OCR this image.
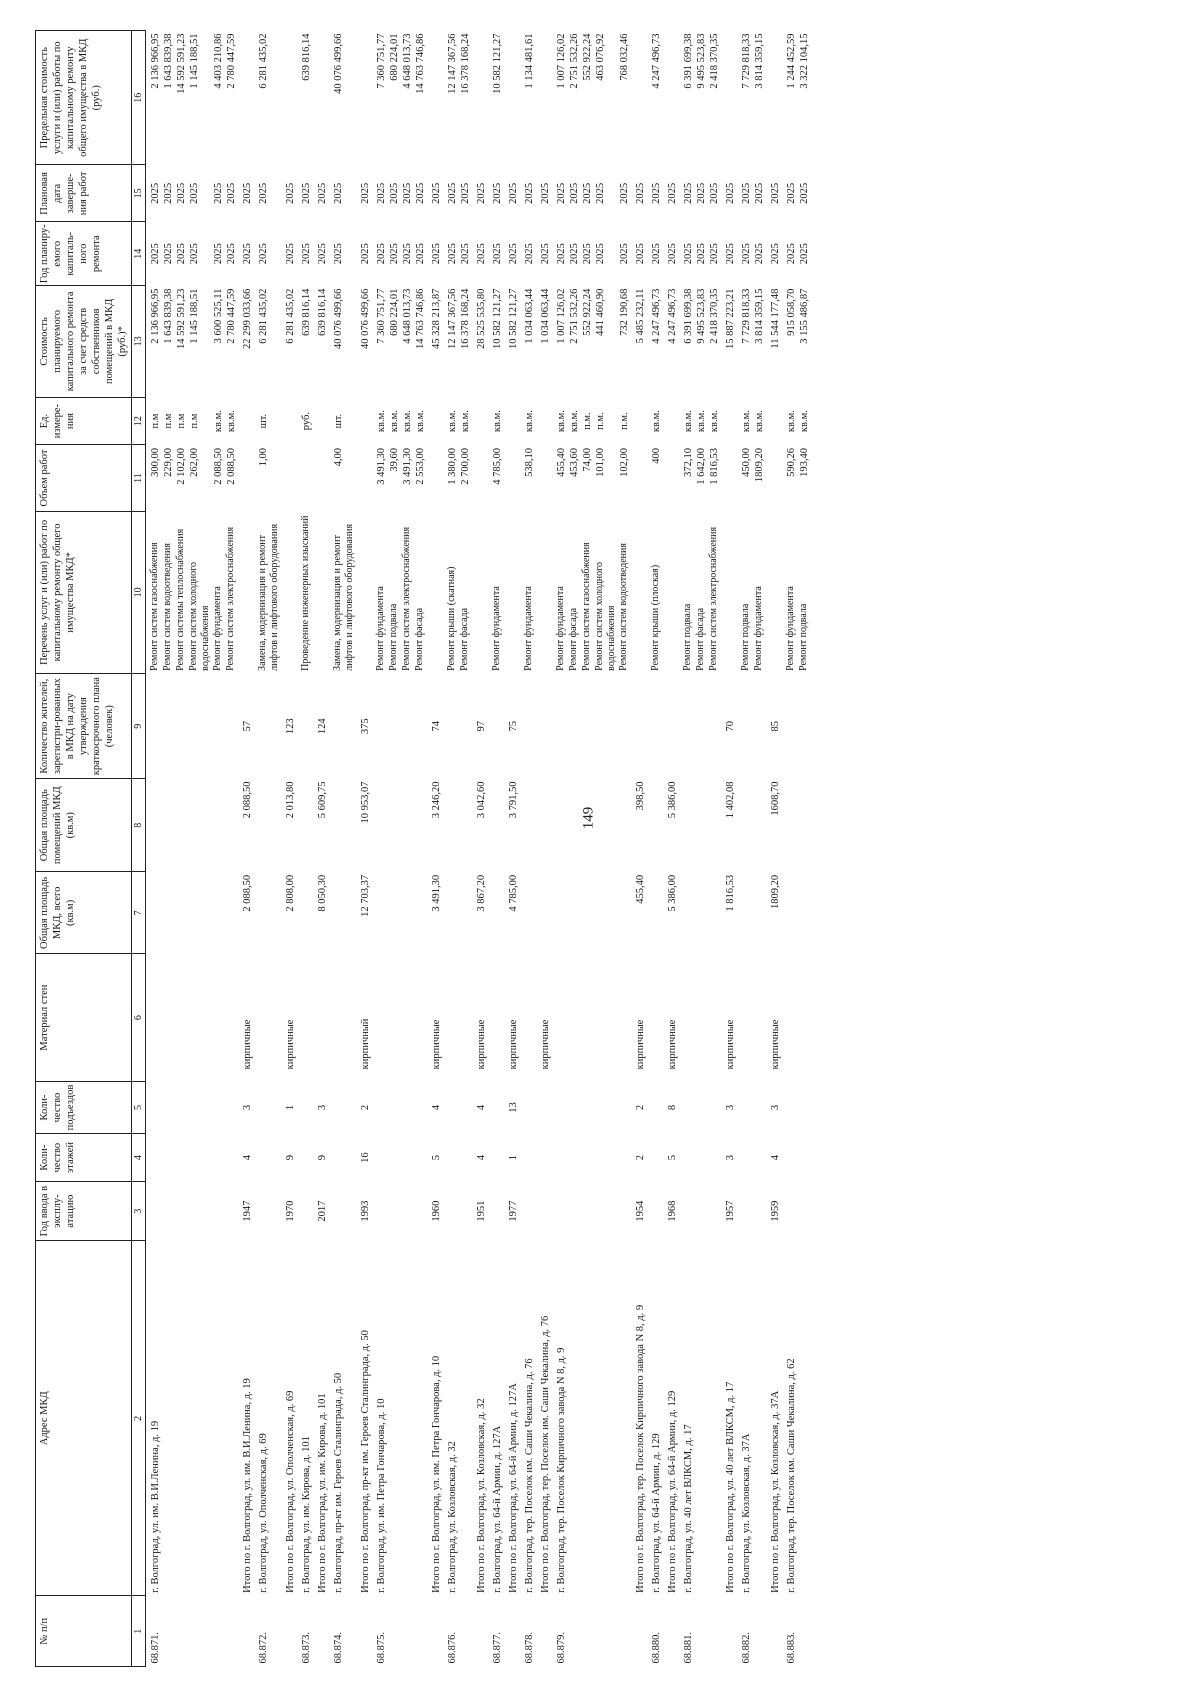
149
№ п/п	Адрес МКД	Год ввода в эксплу-атацию	Коли-чество этажей	Коли-чество подъездов	Материал стен	Общая площадь МКД, всего (кв.м)	Общая площадь помещений МКД (кв.м)	Количество жителей, зарегистри-рованных в МКД на дату утверждения краткосрочного плана (человек)	Перечень услуг и (или) работ по капитальному ремонту общего имущества МКД*	Объем работ	Ед. измере-ния	Стоимость планируемого капитального ремонта за счет средств собственников помещений в МКД (руб.)*	Год планиру-емого капиталь-ного ремонта	Плановая дата заверше-ния работ	Предельная стоимость услуги и (или) работы по капитальному ремонту общего имущества в МКД (руб.)
1	2	3	4	5	6	7	8	9	10	11	12	13	14	15	16
68.871.	г. Волгоград, ул. им. В.И.Ленина, д. 19								Ремонт систем газоснабжения	300,00	п.м	2 136 966,95	2025	2025	2 136 966,95
									Ремонт систем водоотведения	229,00	п.м	1 643 839,38	2025	2025	1 643 839,38
									Ремонт системы теплоснабжения	2 102,00	п.м	14 592 591,23	2025	2025	14 592 591,23
									Ремонт систем холодного водоснабжения	262,00	п.м	1 145 188,51	2025	2025	1 145 188,51
									Ремонт фундамента	2 088,50	кв.м.	3 600 525,11	2025	2025	4 403 210,86
									Ремонт систем электроснабжения	2 088,50	кв.м.	2 780 447,59	2025	2025	2 780 447,59
	Итого по г. Волгоград, ул. им. В.И.Ленина, д. 19	1947	4	3	кирпичные	2 088,50	2 088,50	57				22 299 033,66	2025	2025	
68.872.	г. Волгоград, ул. Ополченская, д. 69								Замена, модернизация и ремонт лифтов и лифтового оборудования	1,00	шт.	6 281 435,02	2025	2025	6 281 435,02
	Итого по г. Волгоград, ул. Ополченская, д. 69	1970	9	1	кирпичные	2 808,00	2 013,80	123				6 281 435,02	2025	2025	
68.873.	г. Волгоград, ул. им. Кирова, д. 101								Проведение инженерных изысканий		руб.	639 816,14	2025	2025	639 816,14
	Итого по г. Волгоград, ул. им. Кирова, д. 101	2017	9	3		8 050,30	5 609,75	124				639 816,14	2025	2025	
68.874.	г. Волгоград, пр-кт им. Героев Сталинграда, д. 50								Замена, модернизация и ремонт лифтов и лифтового оборудования	4,00	шт.	40 076 499,66	2025	2025	40 076 499,66
	Итого по г. Волгоград, пр-кт им. Героев Сталинграда, д. 50	1993	16	2	кирпичный	12 703,37	10 953,07	375				40 076 499,66	2025	2025	
68.875.	г. Волгоград, ул. им. Петра Гончарова, д. 10								Ремонт фундамента	3 491,30	кв.м.	7 360 751,77	2025	2025	7 360 751,77
									Ремонт подвала	39,60	кв.м.	680 224,01	2025	2025	680 224,01
									Ремонт систем электроснабжения	3 491,30	кв.м.	4 648 013,73	2025	2025	4 648 013,73
									Ремонт фасада	2 553,00	кв.м.	14 763 746,86	2025	2025	14 763 746,86
	Итого по г. Волгоград, ул. им. Петра Гончарова, д. 10	1960	5	4	кирпичные	3 491,30	3 246,20	74				45 328 213,87	2025	2025	
68.876.	г. Волгоград, ул. Козловская, д. 32								Ремонт крыши (скатная)	1 380,00	кв.м.	12 147 367,56	2025	2025	12 147 367,56
									Ремонт фасада	2 700,00	кв.м.	16 378 168,24	2025	2025	16 378 168,24
	Итого по г. Волгоград, ул. Козловская, д. 32	1951	4	4	кирпичные	3 867,20	3 042,60	97				28 525 535,80	2025	2025	
68.877.	г. Волгоград, ул. 64-й Армии, д. 127А								Ремонт фундамента	4 785,00	кв.м.	10 582 121,27	2025	2025	10 582 121,27
	Итого по г. Волгоград, ул. 64-й Армии, д. 127А	1977	1	13	кирпичные	4 785,00	3 791,50	75				10 582 121,27	2025	2025	
68.878.	г. Волгоград, тер. Поселок им. Саши Чекалина, д. 76								Ремонт фундамента	538,10	кв.м.	1 034 063,44	2025	2025	1 134 481,61
	Итого по г. Волгоград, тер. Поселок им. Саши Чекалина, д. 76				кирпичные							1 034 063,44	2025	2025	
68.879.	г. Волгоград, тер. Поселок Кирпичного завода N 8, д. 9								Ремонт фундамента	455,40	кв.м.	1 007 126,02	2025	2025	1 007 126,02
									Ремонт фасада	453,60	кв.м.	2 751 532,26	2025	2025	2 751 532,26
									Ремонт систем газоснабжения	74,00	п.м.	552 922,24	2025	2025	552 922,24
									Ремонт систем холодного водоснабжения	101,00	п.м.	441 460,90	2025	2025	463 076,92
									Ремонт систем водоотведения	102,00	п.м.	732 190,68	2025	2025	768 032,46
	Итого по г. Волгоград, тер. Поселок Кирпичного завода N 8, д. 9	1954	2	2	кирпичные	455,40	398,50					5 485 232,11	2025	2025	
68.880.	г. Волгоград, ул. 64-й Армии, д. 129								Ремонт крыши (плоская)	400	кв.м.	4 247 496,73	2025	2025	4 247 496,73
	Итого по г. Волгоград, ул. 64-й Армии, д. 129	1968	5	8	кирпичные	5 386,00	5 386,00					4 247 496,73	2025	2025	
68.881.	г. Волгоград, ул. 40 лет ВЛКСМ, д. 17								Ремонт подвала	372,10	кв.м.	6 391 699,38	2025	2025	6 391 699,38
									Ремонт фасада	1 642,00	кв.м.	9 495 523,83	2025	2025	9 495 523,83
									Ремонт систем электроснабжения	1 816,53	кв.м.	2 418 370,35	2025	2025	2 418 370,35
	Итого по г. Волгоград, ул. 40 лет ВЛКСМ, д. 17	1957	3	3	кирпичные	1 816,53	1 402,08	70				15 887 223,21	2025	2025	
68.882.	г. Волгоград, ул. Козловская, д. 37А								Ремонт подвала	450,00	кв.м.	7 729 818,33	2025	2025	7 729 818,33
									Ремонт фундамента	1809,20	кв.м.	3 814 359,15	2025	2025	3 814 359,15
	Итого по г. Волгоград, ул. Козловская, д. 37А	1959	4	3	кирпичные	1809,20	1608,70	85				11 544 177,48	2025	2025	
68.883.	г. Волгоград, тер. Поселок им. Саши Чекалина, д. 62								Ремонт фундамента	590,26	кв.м.	915 058,70	2025	2025	1 244 452,59
									Ремонт подвала	193,40	кв.м.	3 155 486,87	2025	2025	3 322 104,15
